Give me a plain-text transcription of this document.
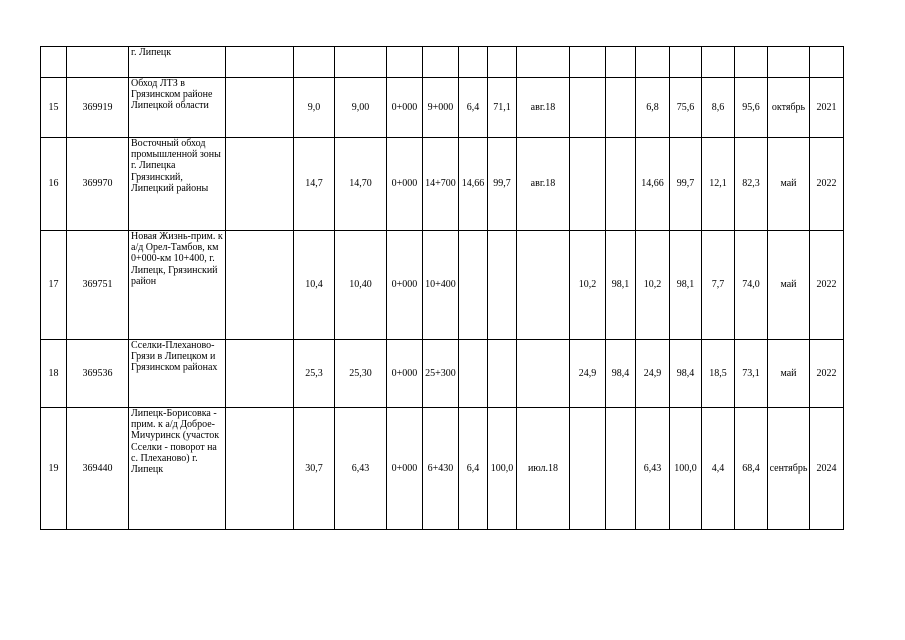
		г. Липецк																
15	369919	Обход ЛТЗ в Грязинском районе Липецкой области		9,0	9,00	0+000	9+000	6,4	71,1	авг.18			6,8	75,6	8,6	95,6	октябрь	2021
16	369970	Восточный обход промышленной зоны г. Липецка Грязинский, Липецкий районы		14,7	14,70	0+000	14+700	14,66	99,7	авг.18			14,66	99,7	12,1	82,3	май	2022
17	369751	Новая Жизнь-прим. к а/д Орел-Тамбов, км 0+000-км 10+400, г. Липецк, Грязинский район		10,4	10,40	0+000	10+400				10,2	98,1	10,2	98,1	7,7	74,0	май	2022
18	369536	Сселки-Плеханово-Грязи в Липецком и Грязинском районах		25,3	25,30	0+000	25+300				24,9	98,4	24,9	98,4	18,5	73,1	май	2022
19	369440	Липецк-Борисовка - прим. к а/д Доброе-Мичуринск (участок Сселки - поворот на с. Плеханово) г. Липецк		30,7	6,43	0+000	6+430	6,4	100,0	июл.18			6,43	100,0	4,4	68,4	сентябрь	2024
